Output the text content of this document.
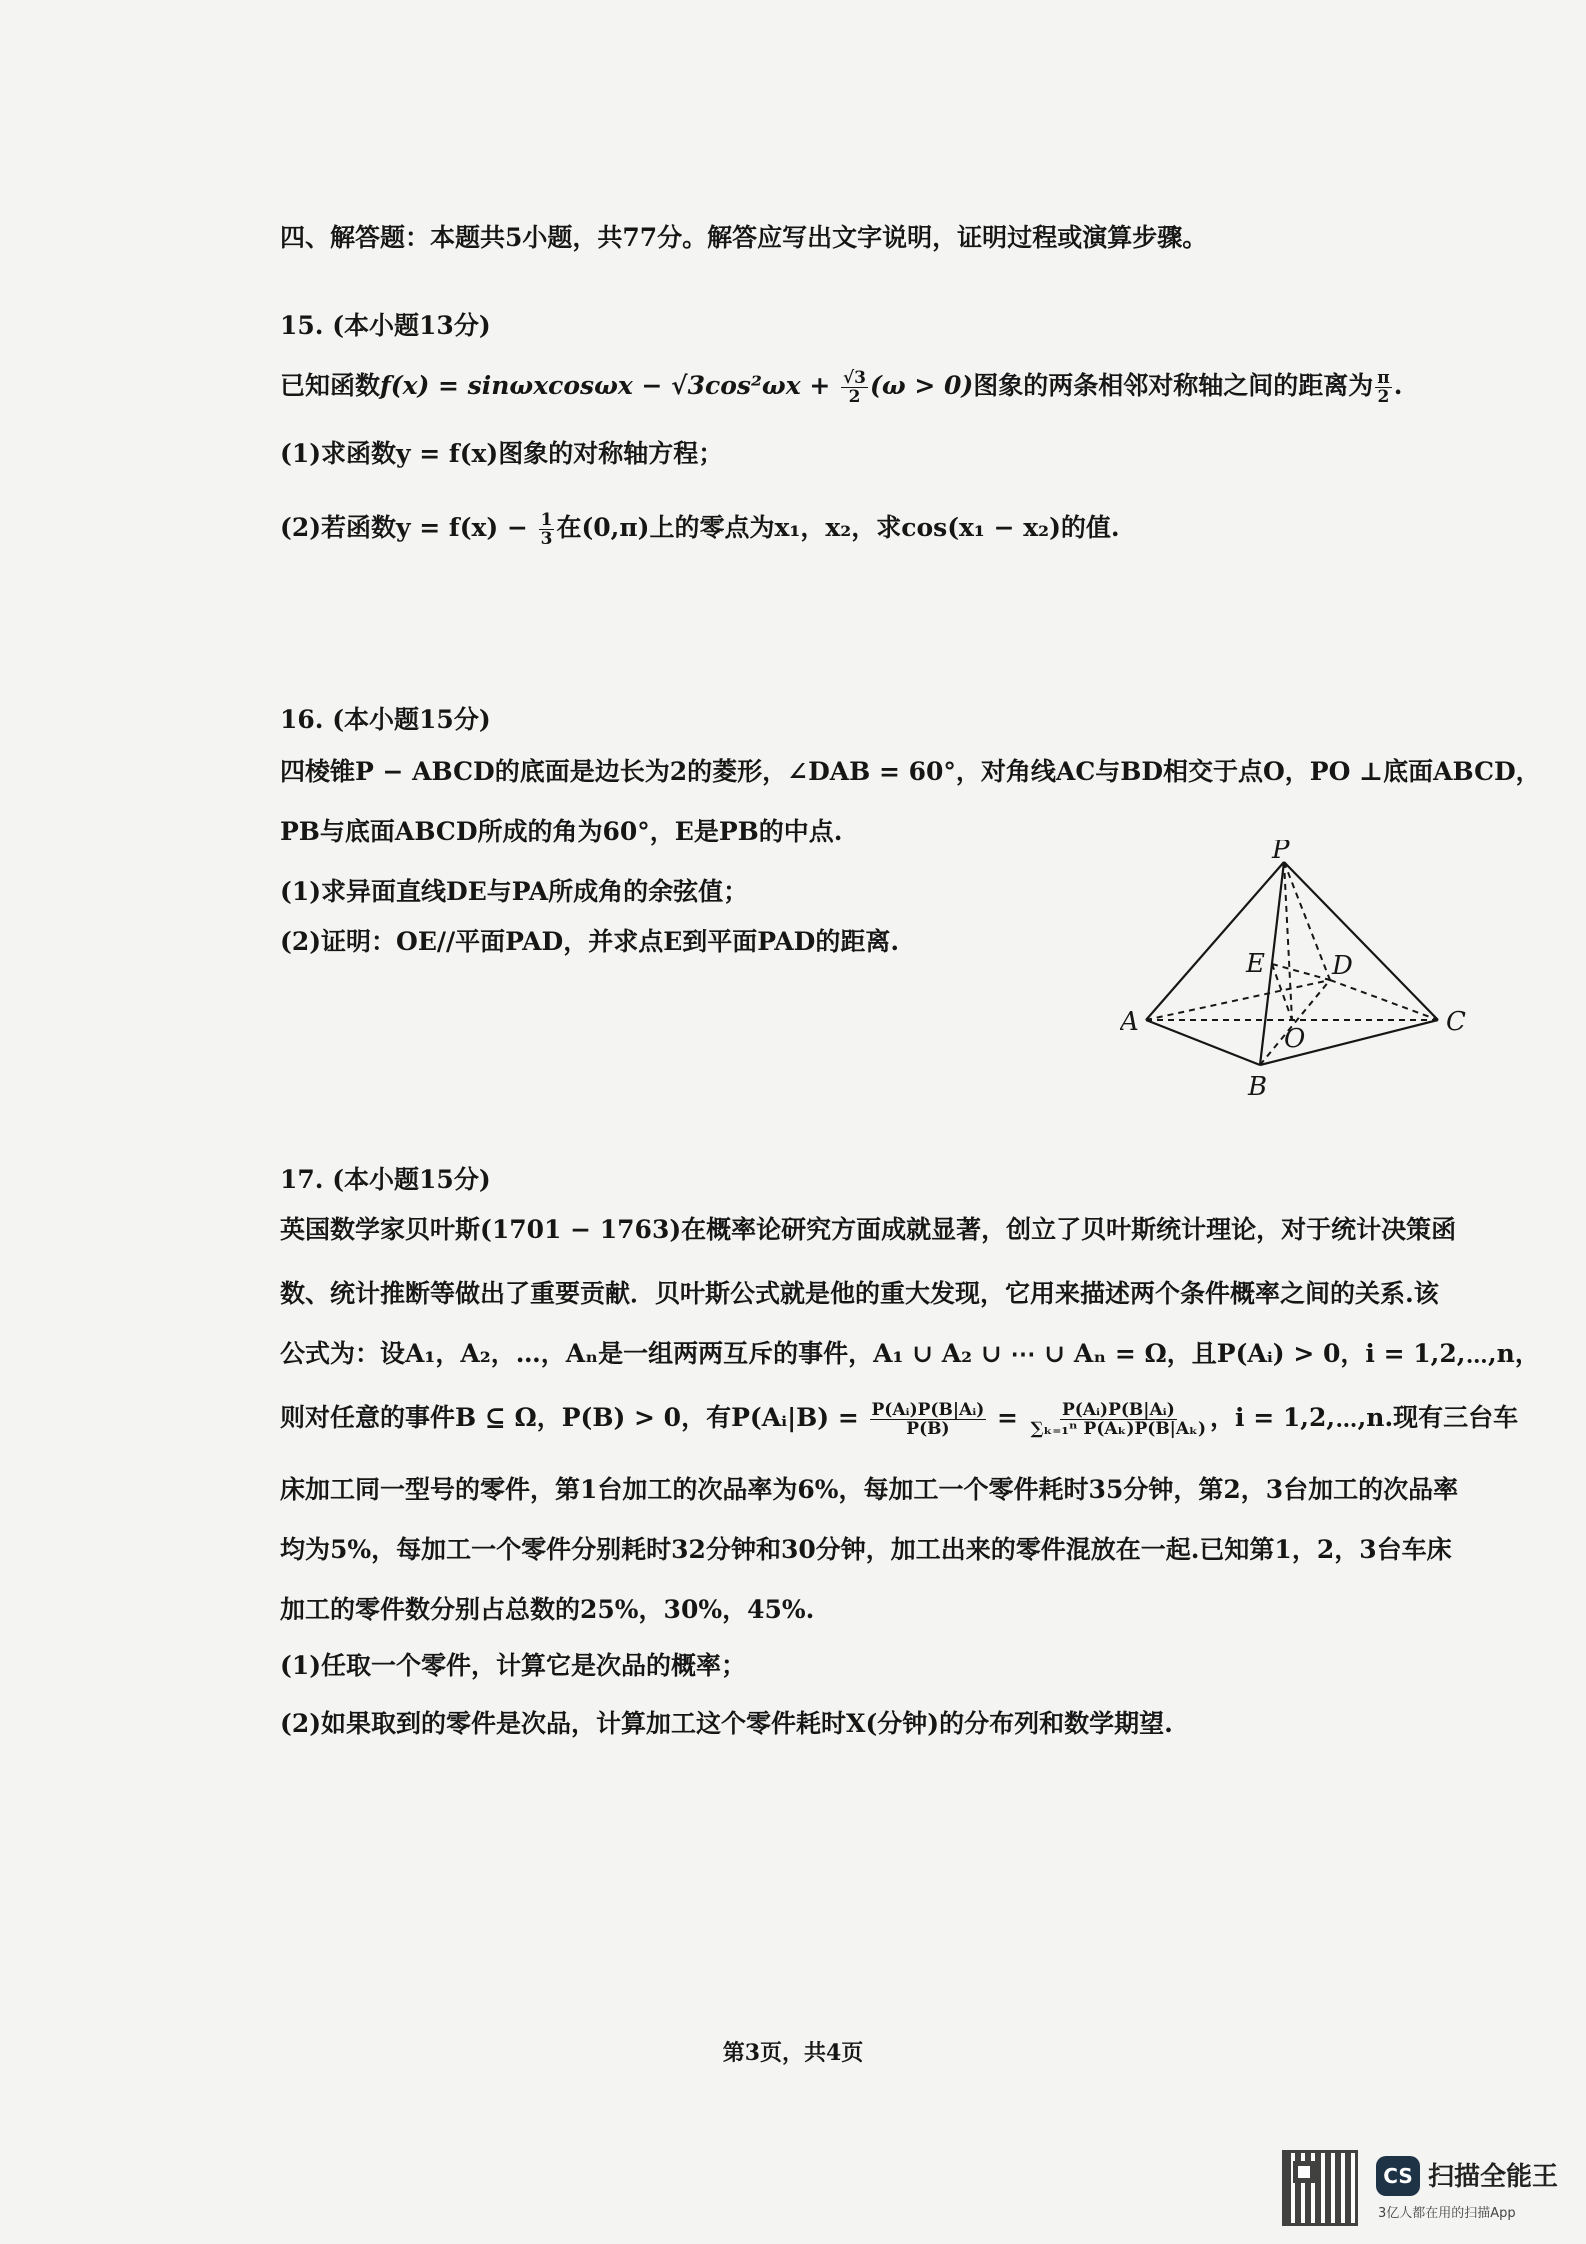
四、解答题：本题共5小题，共77分。解答应写出文字说明，证明过程或演算步骤。

15. (本小题13分)

已知函数$f(x) = \sin\omega xcos\omega x - √3\cos^2\omega x + \frac{√3}{2} (\omega > 0)$图象的两条相邻对称轴之间的距离为 $\frac{\pi}{2}$ .

(1)求函数y = f(x)图象的对称轴方程；

(2)若函数$y = f(x) - \frac{1}{3}$ 在(0,π)上的零点为x₁，x₂，求cos(x₁ − x₂)的值.

16. (本小题15分)

四棱锥P − ABCD的底面是边长为2的菱形，∠DAB = 60°，对角线AC与BD相交于点O，PO ⊥底面ABCD，

PB与底面ABCD所成的角为60°，E是PB的中点.

(1)求异面直线DE与PA所成角的余弦值；

(2)证明：OE//平面PAD，并求点E到平面PAD的距离.

P
A
B
C
D
E
O

17. (本小题15分)

英国数学家贝叶斯(1701 − 1763)在概率论研究方面成就显著，创立了贝叶斯统计理论，对于统计决策函

数、统计推断等做出了重要贡献．贝叶斯公式就是他的重大发现，它用来描述两个条件概率之间的关系.该

公式为：设A₁，A₂，…，Aₙ是一组两两互斥的事件，A₁ ∪ A₂ ∪ ⋯ ∪ Aₙ = Ω，且P(Aᵢ) > 0，i = 1,2,⋯,n，

则对任意的事件B ⊆ Ω，P(B) > 0，有P(Aᵢ|B) = $\frac{\text{P(Aᵢ)P(B|Aᵢ)}}{P(B)} = \frac{\text{P(Aᵢ)P(B|Aᵢ)}}{\text{∑ₖ₌₁ⁿ P(Aₖ)P(B|Aₖ)}}$ ，i = 1,2,⋯,n.现有三台车

床加工同一型号的零件，第1台加工的次品率为6%，每加工一个零件耗时35分钟，第2，3台加工的次品率

均为5%，每加工一个零件分别耗时32分钟和30分钟，加工出来的零件混放在一起.已知第1，2，3台车床

加工的零件数分别占总数的25%，30%，45%.

(1)任取一个零件，计算它是次品的概率；

(2)如果取到的零件是次品，计算加工这个零件耗时X(分钟)的分布列和数学期望.

第3页，共4页
CS 扫描全能王
3亿人都在用的扫描App
